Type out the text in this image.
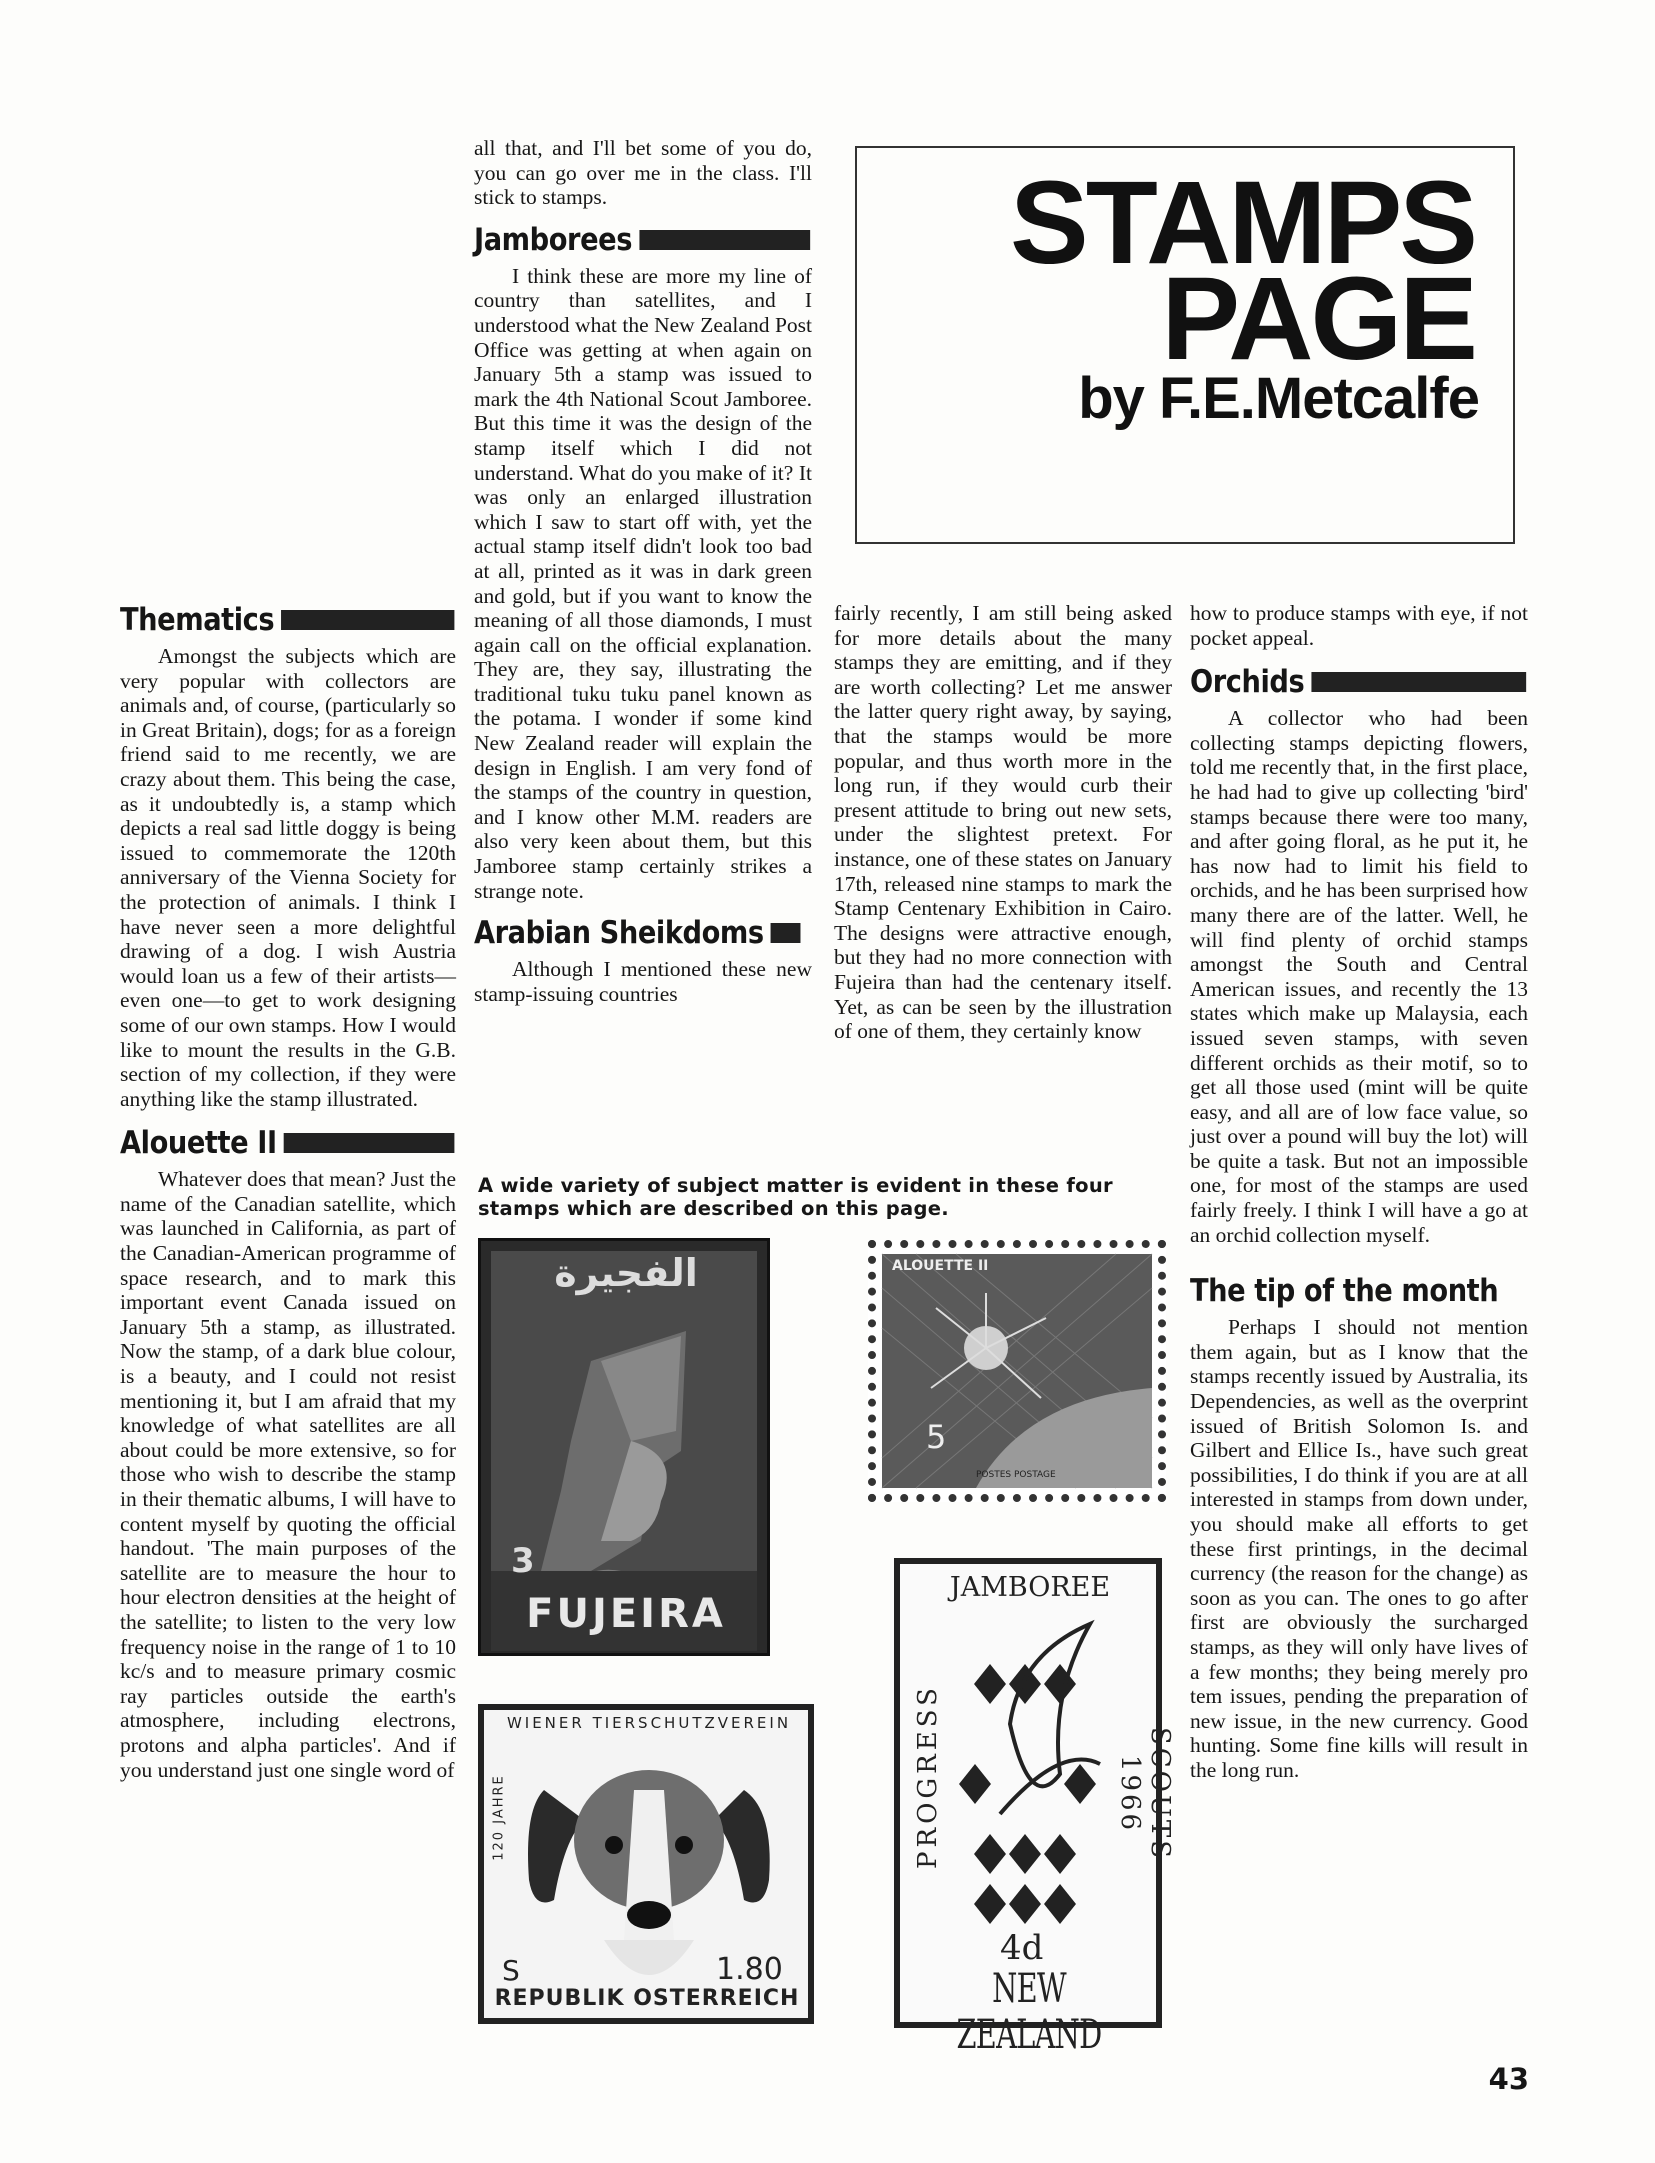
Thematics

Amongst the subjects which are very popular with collectors are animals and, of course, (particularly so in Great Britain), dogs; for as a foreign friend said to me recently, we are crazy about them. This being the case, as it undoubtedly is, a stamp which depicts a real sad little doggy is being issued to commemorate the 120th anniversary of the Vienna Society for the protection of animals. I think I have never seen a more delightful drawing of a dog. I wish Austria would loan us a few of their artists—even one—to get to work designing some of our own stamps. How I would like to mount the results in the G.B. section of my collection, if they were anything like the stamp illustrated.

Alouette II

Whatever does that mean? Just the name of the Canadian satellite, which was launched in California, as part of the Canadian-American programme of space research, and to mark this important event Canada issued on January 5th a stamp, as illustrated. Now the stamp, of a dark blue colour, is a beauty, and I could not resist mentioning it, but I am afraid that my knowledge of what satellites are all about could be more extensive, so for those who wish to describe the stamp in their thematic albums, I will have to content myself by quoting the official handout. 'The main purposes of the satellite are to measure the hour to hour electron densities at the height of the satellite; to listen to the very low frequency noise in the range of 1 to 10 kc/s and to measure primary cosmic ray particles outside the earth's atmosphere, including electrons, protons and alpha particles'. And if you understand just one single word of

all that, and I'll bet some of you do, you can go over me in the class. I'll stick to stamps.

Jamborees

I think these are more my line of country than satellites, and I understood what the New Zealand Post Office was getting at when again on January 5th a stamp was issued to mark the 4th National Scout Jamboree. But this time it was the design of the stamp itself which I did not understand. What do you make of it? It was only an enlarged illustration which I saw to start off with, yet the actual stamp itself didn't look too bad at all, printed as it was in dark green and gold, but if you want to know the meaning of all those diamonds, I must again call on the official explanation. They are, they say, illustrating the traditional tuku tuku panel known as the potama. I wonder if some kind New Zealand reader will explain the design in English. I am very fond of the stamps of the country in question, and I know other M.M. readers are also very keen about them, but this Jamboree stamp certainly strikes a strange note.

Arabian Sheikdoms

Although I mentioned these new stamp-issuing countries

STAMPS
PAGE
by F.E.Metcalfe

fairly recently, I am still being asked for more details about the many stamps they are emitting, and if they are worth collecting? Let me answer the latter query right away, by saying, that the stamps would be more popular, and thus worth more in the long run, if they would curb their present attitude to bring out new sets, under the slightest pretext. For instance, one of these states on January 17th, released nine stamps to mark the Stamp Centenary Exhibition in Cairo. The designs were attractive enough, but they had no more connection with Fujeira than had the centenary itself. Yet, as can be seen by the illustration of one of them, they certainly know

how to produce stamps with eye, if not pocket appeal.

Orchids

A collector who had been collecting stamps depicting flowers, told me recently that, in the first place, he had had to give up collecting 'bird' stamps because there were too many, and after going floral, as he put it, he has now had to limit his field to orchids, and he has been surprised how many there are of the latter. Well, he will find plenty of orchid stamps amongst the South and Central American issues, and recently the 13 states which make up Malaysia, each issued seven stamps, with seven different orchids as their motif, so to get all those used (mint will be quite easy, and all are of low face value, so just over a pound will buy the lot) will be quite a task. But not an impossible one, for most of the stamps are used fairly freely. I think I will have a go at an orchid collection myself.

The tip of the month

Perhaps I should not mention them again, but as I know that the stamps recently issued by Australia, its Dependencies, as well as the overprint issued of British Solomon Is. and Gilbert and Ellice Is., have such great possibilities, I do think if you are at all interested in stamps from down under, you should make all efforts to get these first printings, in the decimal currency (the reason for the change) as soon as you can. The ones to go after first are obviously the surcharged stamps, as they will only have lives of a few months; they being merely pro tem issues, pending the preparation of new issue, in the new currency. Good hunting. Some fine kills will result in the long run.

A wide variety of subject matter is evident in these four stamps which are described on this page.
الفجيرة
3
FUJEIRA
ALOUETTE II
5
POSTES POSTAGE
WIENER TIERSCHUTZVEREIN
120 JAHRE
S	1.80
REPUBLIK OSTERREICH
JAMBOREE
PROGRESS	SCOUTS 1966
4d
NEW ZEALAND
43
